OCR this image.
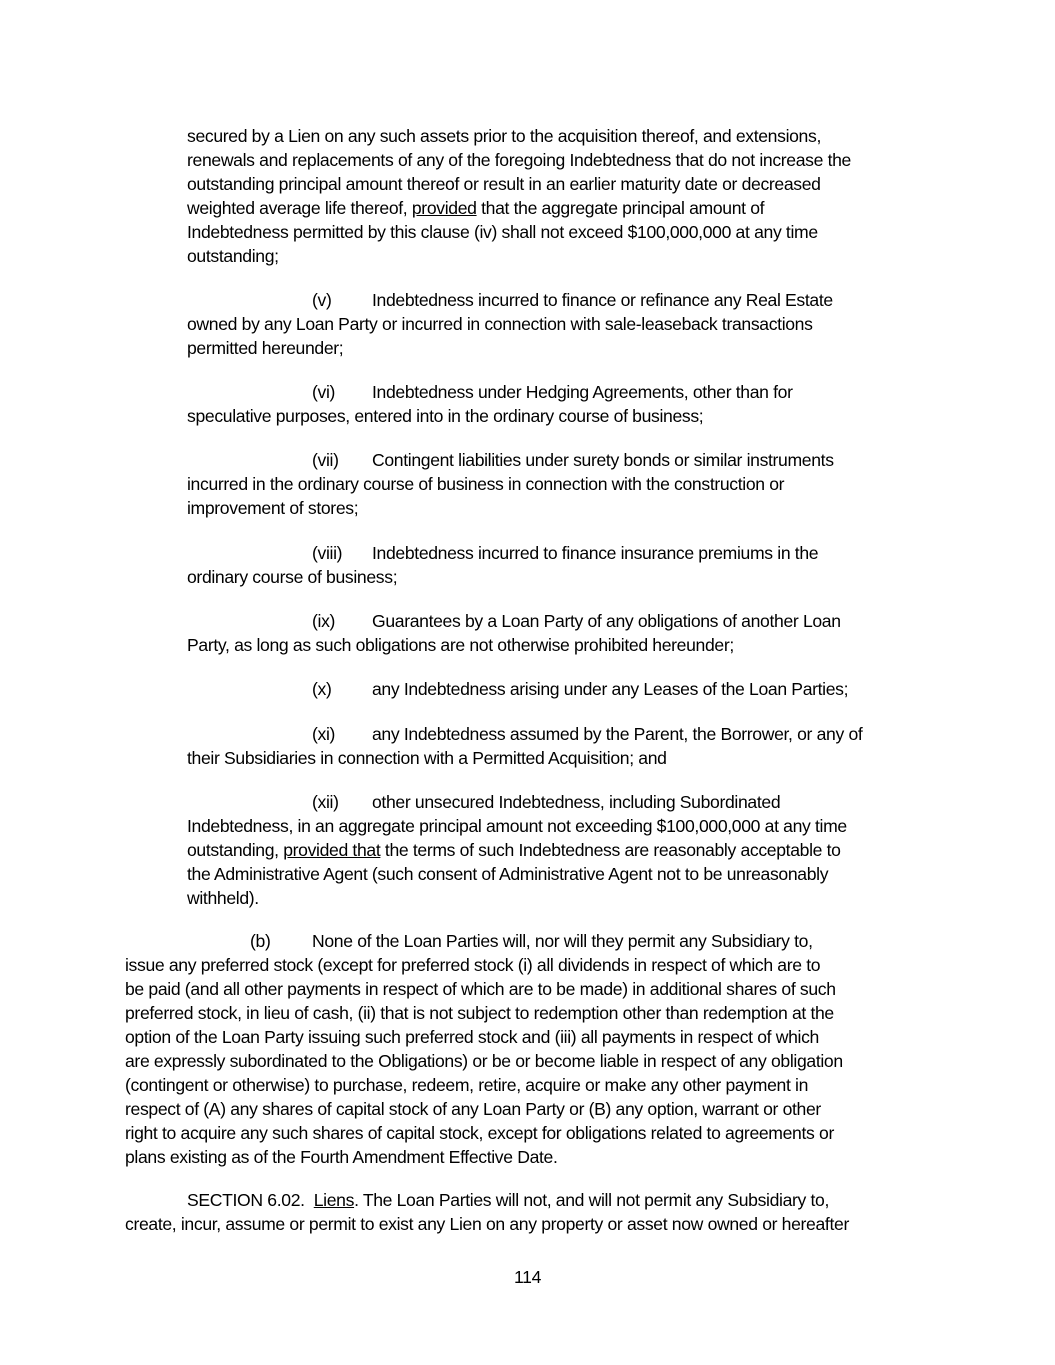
secured by a Lien on any such assets prior to the acquisition thereof, and extensions,
renewals and replacements of any of the foregoing Indebtedness that do not increase the
outstanding principal amount thereof or result in an earlier maturity date or decreased
weighted average life thereof, provided that the aggregate principal amount of
Indebtedness permitted by this clause (iv) shall not exceed $100,000,000 at any time
outstanding;
(v) Indebtedness incurred to finance or refinance any Real Estate
owned by any Loan Party or incurred in connection with sale-leaseback transactions
permitted hereunder;
(vi) Indebtedness under Hedging Agreements, other than for
speculative purposes, entered into in the ordinary course of business;
(vii) Contingent liabilities under surety bonds or similar instruments
incurred in the ordinary course of business in connection with the construction or
improvement of stores;
(viii) Indebtedness incurred to finance insurance premiums in the
ordinary course of business;
(ix) Guarantees by a Loan Party of any obligations of another Loan
Party, as long as such obligations are not otherwise prohibited hereunder;
(x) any Indebtedness arising under any Leases of the Loan Parties;
(xi) any Indebtedness assumed by the Parent, the Borrower, or any of
their Subsidiaries in connection with a Permitted Acquisition; and
(xii) other unsecured Indebtedness, including Subordinated
Indebtedness, in an aggregate principal amount not exceeding $100,000,000 at any time
outstanding, provided that the terms of such Indebtedness are reasonably acceptable to
the Administrative Agent (such consent of Administrative Agent not to be unreasonably
withheld).
(b) None of the Loan Parties will, nor will they permit any Subsidiary to,
issue any preferred stock (except for preferred stock (i) all dividends in respect of which are to
be paid (and all other payments in respect of which are to be made) in additional shares of such
preferred stock, in lieu of cash, (ii) that is not subject to redemption other than redemption at the
option of the Loan Party issuing such preferred stock and (iii) all payments in respect of which
are expressly subordinated to the Obligations) or be or become liable in respect of any obligation
(contingent or otherwise) to purchase, redeem, retire, acquire or make any other payment in
respect of (A) any shares of capital stock of any Loan Party or (B) any option, warrant or other
right to acquire any such shares of capital stock, except for obligations related to agreements or
plans existing as of the Fourth Amendment Effective Date.
SECTION 6.02. Liens. The Loan Parties will not, and will not permit any Subsidiary to,
create, incur, assume or permit to exist any Lien on any property or asset now owned or hereafter
114
